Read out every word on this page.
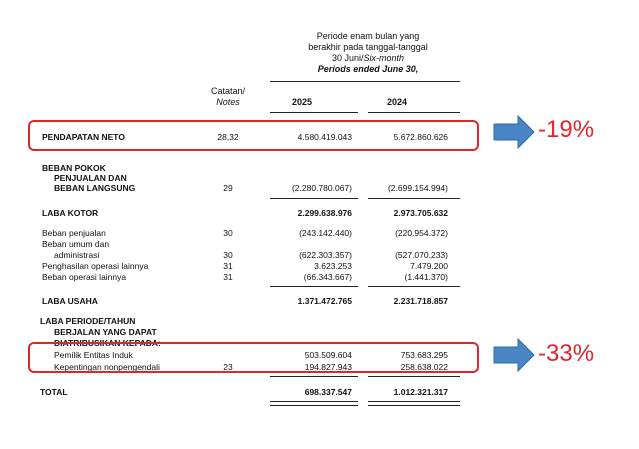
Periode enam bulan yang
berakhir pada tanggal-tanggal
30 Juni/Six-month
Periods ended June 30,
Catatan/
Notes	2025	2024
PENDAPATAN NETO	28,32	4.580.419.043	5.672.860.626
BEBAN POKOK
PENJUALAN DAN
BEBAN LANGSUNG	29	(2.280.780.067)	(2.699.154.994)
LABA KOTOR	2.299.638.976	2.973.705.632
Beban penjualan	30	(243.142.440)	(220.954.372)
Beban umum dan
administrasi	30	(622.303.357)	(527.070.233)
Penghasilan operasi lainnya	31	3.623.253	7.479.200
Beban operasi lainnya	31	(66.343.667)	(1.441.370)
LABA USAHA	1.371.472.765	2.231.718.857
LABA PERIODE/TAHUN
BERJALAN YANG DAPAT
DIATRIBUSIKAN KEPADA:
Pemilik Entitas Induk	503.509.604	753.683.295
Kepentingan nonpengendali	23	194.827.943	258.638.022
TOTAL	698.337.547	1.012.321.317
-19%
-33%
